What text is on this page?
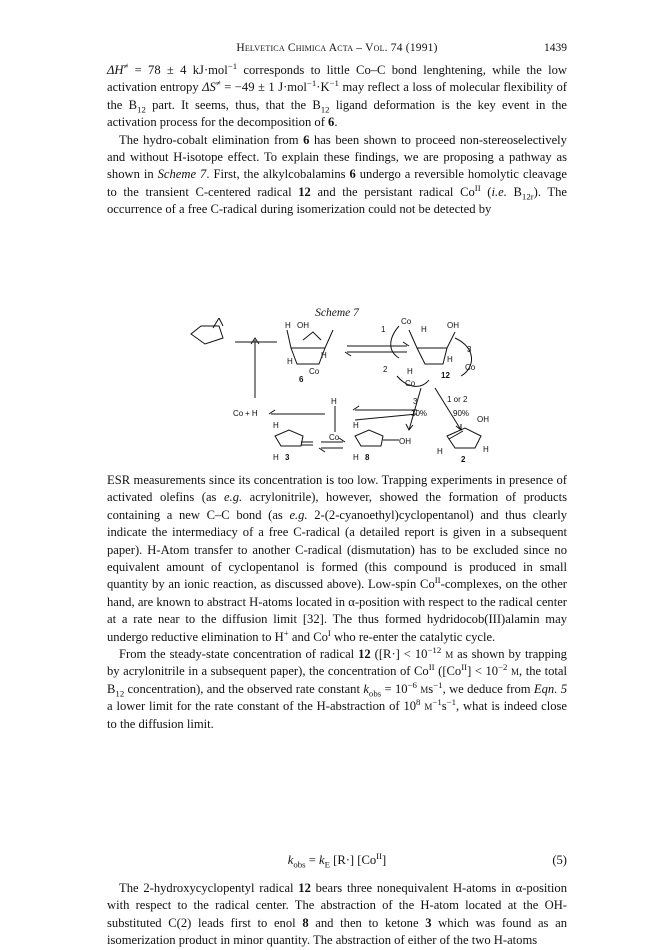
Helvetica Chimica Acta – Vol. 74 (1991)	1439

ΔH≠ = 78 ± 4 kJ·mol$^{-1}$ corresponds to little Co–C bond lenghtening, while the low activation entropy ΔS≠ = −49 ± 1 $J\cdot mol^{-1}\cdot K^{-1}$ may reflect a loss of molecular flexibility of the $B_{12}$ part. It seems, thus, that the $B_{12}$ ligand deformation is the key event in the activation process for the decomposition of 6.

The hydro-cobalt elimination from 6 has been shown to proceed non-stereoselectively and without H-isotope effect. To explain these findings, we are proposing a pathway as shown in Scheme 7. First, the alkylcobalamins 6 undergo a reversible homolytic cleavage to the transient C-centered radical 12 and the persistant radical $Co^{II}$ (i.e. $B_{12r}$). The occurrence of a free C-radical during isomerization could not be detected by

Scheme 7
OH
H
H
H
Co
6
Co
1	H	OH
3
H
Co
2 H
Co
12
Co + H
H
Co
3	1 or 2
10%	90%
OH
H
H 3
H
H 8
OH
H	H
2

ESR measurements since its concentration is too low. Trapping experiments in presence of activated olefins (as e.g. acrylonitrile), however, showed the formation of products containing a new C–C bond (as e.g. 2-(2-cyanoethyl)cyclopentanol) and thus clearly indicate the intermediacy of a free C-radical (a detailed report is given in a subsequent paper). H-Atom transfer to another C-radical (dismutation) has to be excluded since no equivalent amount of cyclopentanol is formed (this compound is produced in small quantity by an ionic reaction, as discussed above). Low-spin $Co^{II}$-complexes, on the other hand, are known to abstract H-atoms located in α-position with respect to the radical center at a rate near to the diffusion limit [32]. The thus formed hydridocob(III)alamin may undergo reductive elimination to H+ and $Co^I$ who re-enter the catalytic cycle.

From the steady-state concentration of radical 12 ($[R\cdot] < 10^{-12}$ m as shown by trapping by acrylonitrile in a subsequent paper), the concentration of $Co^{II}$ ($[Co^{II}] < 10^{-2}$ m, the total $B_{12}$ concentration), and the observed rate constant $k_{obs} = 10^{-6}$ $ms^{-1}$, we deduce from Eqn. 5 a lower limit for the rate constant of the H-abstraction of $10^8$ $m^{-1}s^{-1}$, what is indeed close to the diffusion limit.

$k_{obs} = k_E$ [R·] $[Co^{II}]$	(5)

The 2-hydroxycyclopentyl radical 12 bears three nonequivalent H-atoms in α-position with respect to the radical center. The abstraction of the H-atom located at the OH-substituted C(2) leads first to enol 8 and then to ketone 3 which was found as an isomerization product in minor quantity. The abstraction of either of the two H-atoms
